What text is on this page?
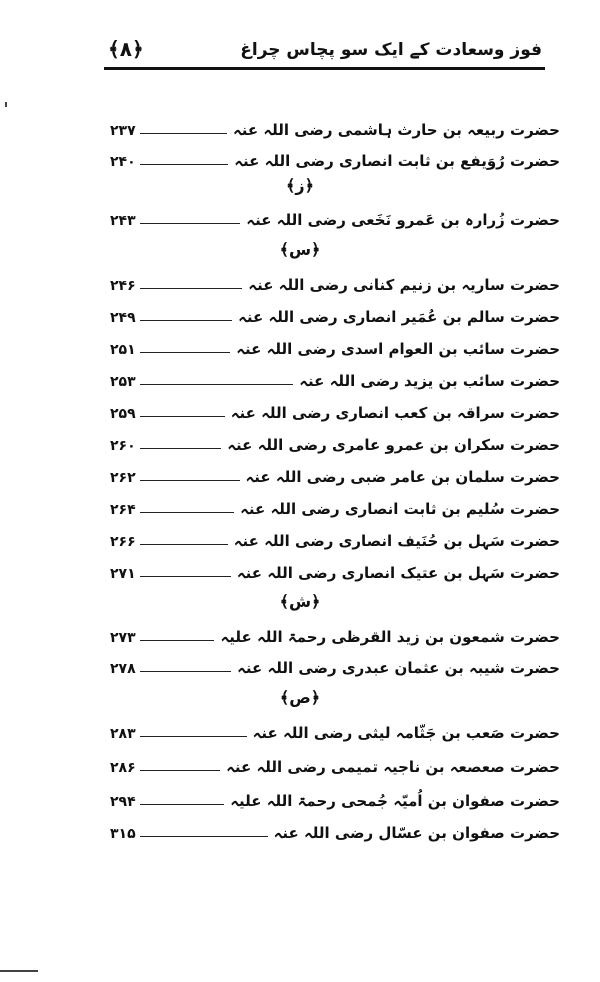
﴿۸﴾	فوز وسعادت کے ایک سو پچاس چراغ
حضرت ربیعہ بن حارث ہاشمی رضی اللہ عنہ
۲۳۷
حضرت رُوَیفع بن ثابت انصاری رضی اللہ عنہ
۲۴۰
﴿ز﴾
حضرت زُرارہ بن عَمرو نَخَعی رضی اللہ عنہ
۲۴۳
﴿س﴾
حضرت ساریہ بن زنیم کنانی رضی اللہ عنہ
۲۴۶
حضرت سالم بن عُمَیر انصاری رضی اللہ عنہ
۲۴۹
حضرت سائب بن العوام اسدی رضی اللہ عنہ
۲۵۱
حضرت سائب بن یزید رضی اللہ عنہ
۲۵۳
حضرت سراقہ بن کعب انصاری رضی اللہ عنہ
۲۵۹
حضرت سکران بن عمرو عامری رضی اللہ عنہ
۲۶۰
حضرت سلمان بن عامر ضبی رضی اللہ عنہ
۲۶۲
حضرت سُلیم بن ثابت انصاری رضی اللہ عنہ
۲۶۴
حضرت سَہل بن حُنَیف انصاری رضی اللہ عنہ
۲۶۶
حضرت سَہل بن عتیک انصاری رضی اللہ عنہ
۲۷۱
﴿ش﴾
حضرت شمعون بن زید القرظی رحمۃ اللہ علیہ
۲۷۳
حضرت شیبہ بن عثمان عبدری رضی اللہ عنہ
۲۷۸
﴿ص﴾
حضرت صَعب بن جَثّامہ لیثی رضی اللہ عنہ
۲۸۳
حضرت صعصعہ بن ناجیہ تمیمی رضی اللہ عنہ
۲۸۶
حضرت صفوان بن اُمیّہ جُمحی رحمۃ اللہ علیہ
۲۹۴
حضرت صفوان بن عسّال رضی اللہ عنہ
۳۱۵
